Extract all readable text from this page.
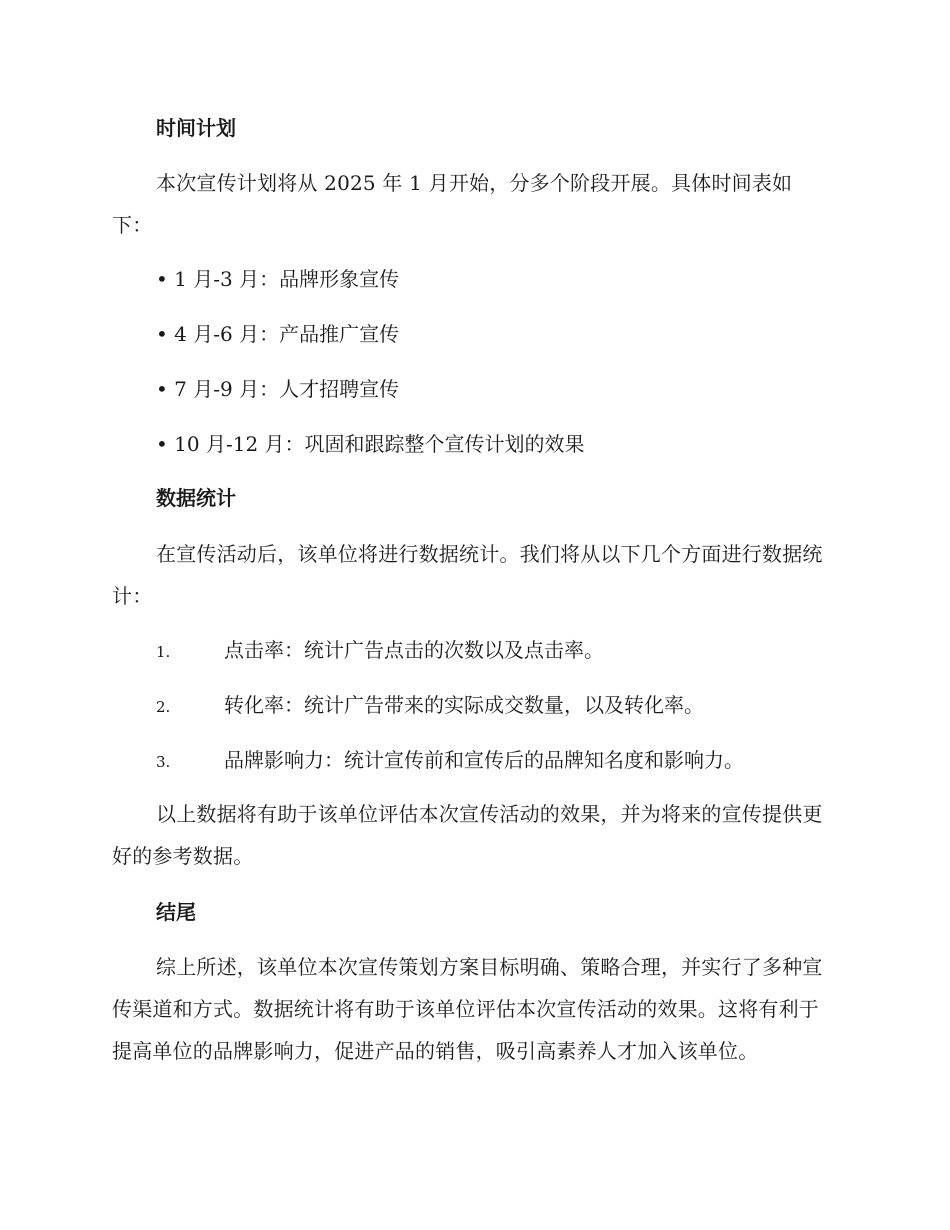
时间计划
本次宣传计划将从 2025 年 1 月开始，分多个阶段开展。具体时间表如下：
• 1 月-3 月：品牌形象宣传
• 4 月-6 月：产品推广宣传
• 7 月-9 月：人才招聘宣传
• 10 月-12 月：巩固和跟踪整个宣传计划的效果
数据统计
在宣传活动后，该单位将进行数据统计。我们将从以下几个方面进行数据统计：
1.	点击率：统计广告点击的次数以及点击率。
2.	转化率：统计广告带来的实际成交数量，以及转化率。
3.	品牌影响力：统计宣传前和宣传后的品牌知名度和影响力。
以上数据将有助于该单位评估本次宣传活动的效果，并为将来的宣传提供更好的参考数据。
结尾
综上所述，该单位本次宣传策划方案目标明确、策略合理，并实行了多种宣传渠道和方式。数据统计将有助于该单位评估本次宣传活动的效果。这将有利于提高单位的品牌影响力，促进产品的销售，吸引高素养人才加入该单位。
